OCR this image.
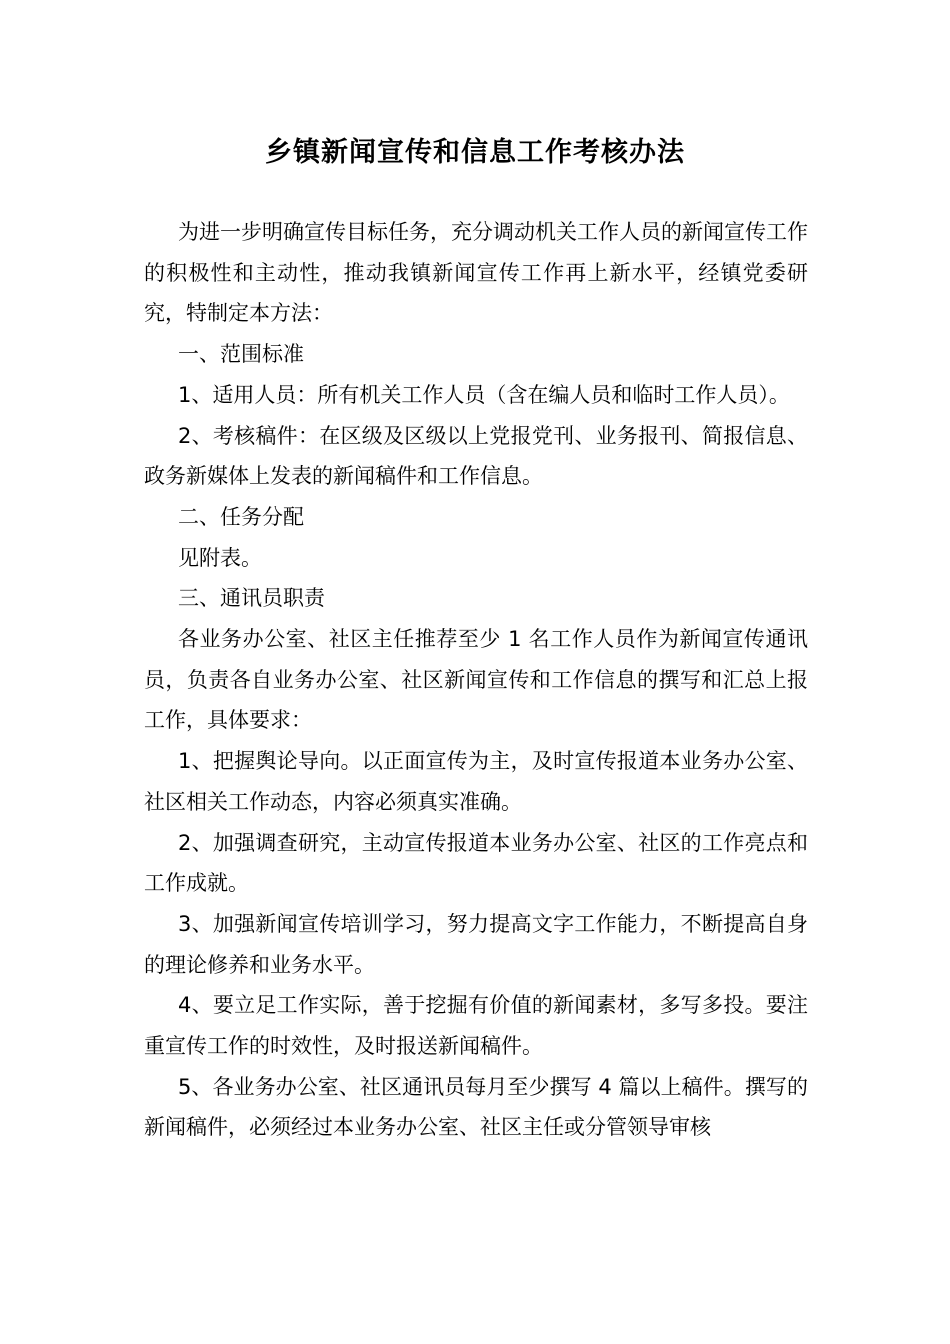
乡镇新闻宣传和信息工作考核办法

为进一步明确宣传目标任务，充分调动机关工作人员的新闻宣传工作的积极性和主动性，推动我镇新闻宣传工作再上新水平，经镇党委研究，特制定本方法：

一、范围标准

1、适用人员：所有机关工作人员（含在编人员和临时工作人员）。

2、考核稿件：在区级及区级以上党报党刊、业务报刊、简报信息、政务新媒体上发表的新闻稿件和工作信息。

二、任务分配

见附表。

三、通讯员职责

各业务办公室、社区主任推荐至少 1 名工作人员作为新闻宣传通讯员，负责各自业务办公室、社区新闻宣传和工作信息的撰写和汇总上报工作，具体要求：

1、把握舆论导向。以正面宣传为主，及时宣传报道本业务办公室、社区相关工作动态，内容必须真实准确。

2、加强调查研究，主动宣传报道本业务办公室、社区的工作亮点和工作成就。

3、加强新闻宣传培训学习，努力提高文字工作能力，不断提高自身的理论修养和业务水平。

4、要立足工作实际，善于挖掘有价值的新闻素材，多写多投。要注重宣传工作的时效性，及时报送新闻稿件。

5、各业务办公室、社区通讯员每月至少撰写 4 篇以上稿件。撰写的新闻稿件，必须经过本业务办公室、社区主任或分管领导审核
